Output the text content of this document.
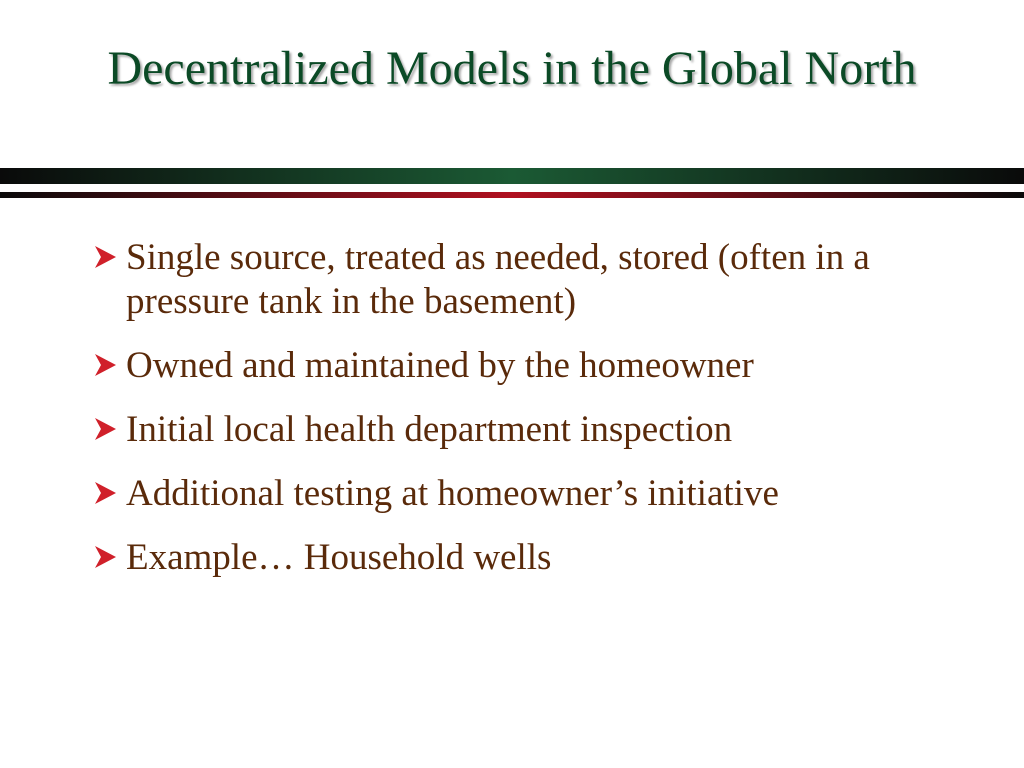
Decentralized Models in the Global North
Single source, treated as needed, stored (often in a pressure tank in the basement)
Owned and maintained by the homeowner
Initial local health department inspection
Additional testing at homeowner’s initiative
Example… Household wells
